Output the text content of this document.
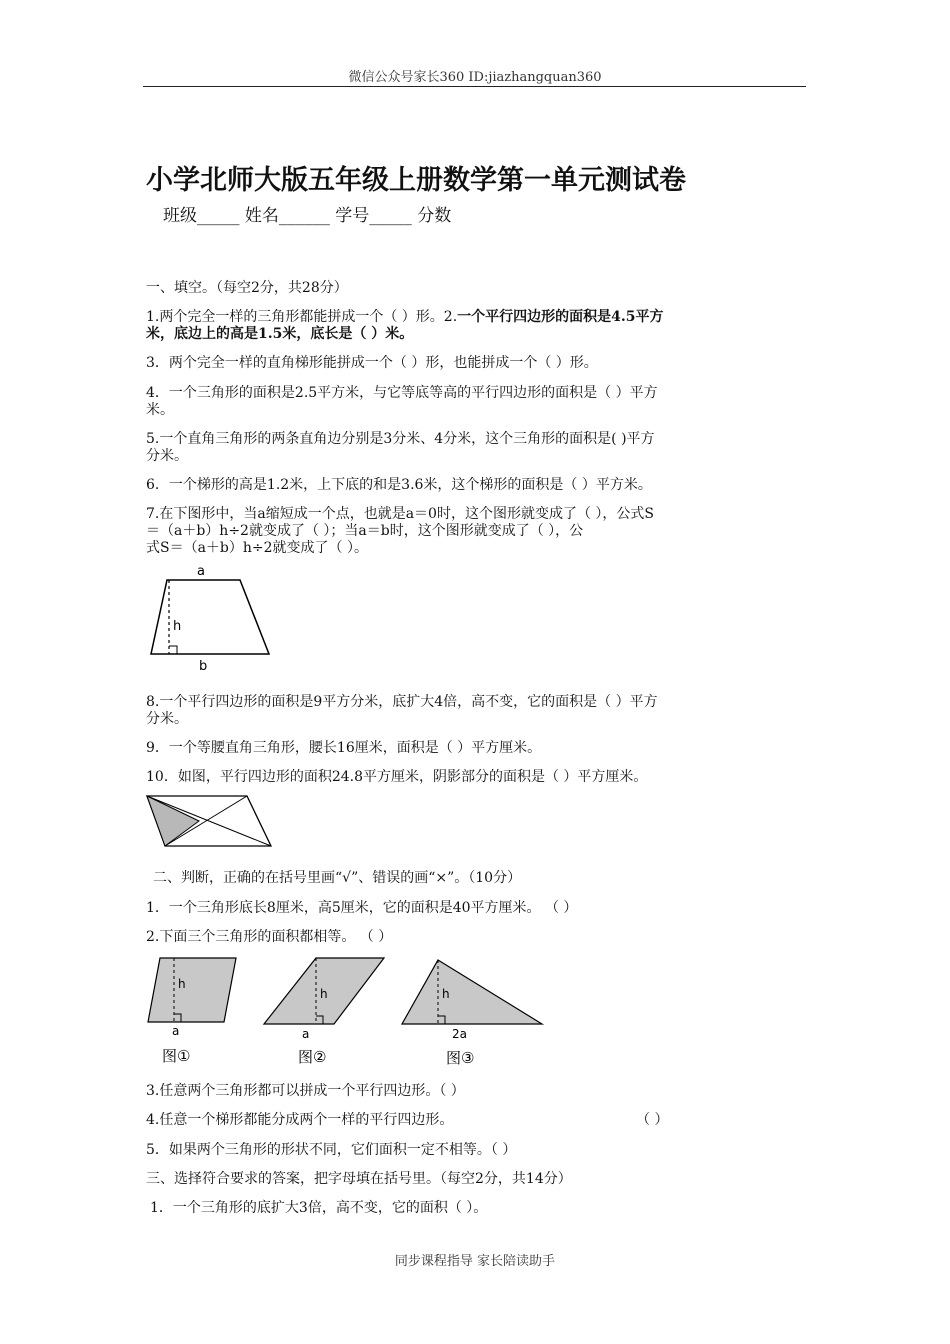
微信公众号家长360 ID:jiazhangquan360
小学北师大版五年级上册数学第一单元测试卷
班级_____ 姓名______ 学号_____ 分数
一、填空。（每空2分，共28分）
1.两个完全一样的三角形都能拼成一个（ ）形。2.一个平行四边形的面积是4.5平方
米，底边上的高是1.5米，底长是（ ）米。
3．两个完全一样的直角梯形能拼成一个（ ）形，也能拼成一个（ ）形。
4．一个三角形的面积是2.5平方米，与它等底等高的平行四边形的面积是（ ）平方
米。
5.一个直角三角形的两条直角边分别是3分米、4分米，这个三角形的面积是( )平方
分米。
6．一个梯形的高是1.2米，上下底的和是3.6米，这个梯形的面积是（ ）平方米。
7.在下图形中，当a缩短成一个点，也就是a＝0时，这个图形就变成了（ ），公式S
＝（a＋b）h÷2就变成了（ ）；当a＝b时，这个图形就变成了（ ），公
式S＝（a＋b）h÷2就变成了（ ）。
a
h
b
8.一个平行四边形的面积是9平方分米，底扩大4倍，高不变，它的面积是（ ）平方
分米。
9．一个等腰直角三角形，腰长16厘米，面积是（ ）平方厘米。
10．如图，平行四边形的面积24.8平方厘米，阴影部分的面积是（ ）平方厘米。
二、判断，正确的在括号里画“√”、错误的画“×”。（10分）
1．一个三角形底长8厘米，高5厘米，它的面积是40平方厘米。 （ ）
2.下面三个三角形的面积都相等。 （ ）
h
a
图①
h
a
图②
h
2a
图③
3.任意两个三角形都可以拼成一个平行四边形。（ ）
4.任意一个梯形都能分成两个一样的平行四边形。	（ ）
5．如果两个三角形的形状不同，它们面积一定不相等。（ ）
三、选择符合要求的答案，把字母填在括号里。（每空2分，共14分）
1．一个三角形的底扩大3倍，高不变，它的面积（ ）。
同步课程指导 家长陪读助手
